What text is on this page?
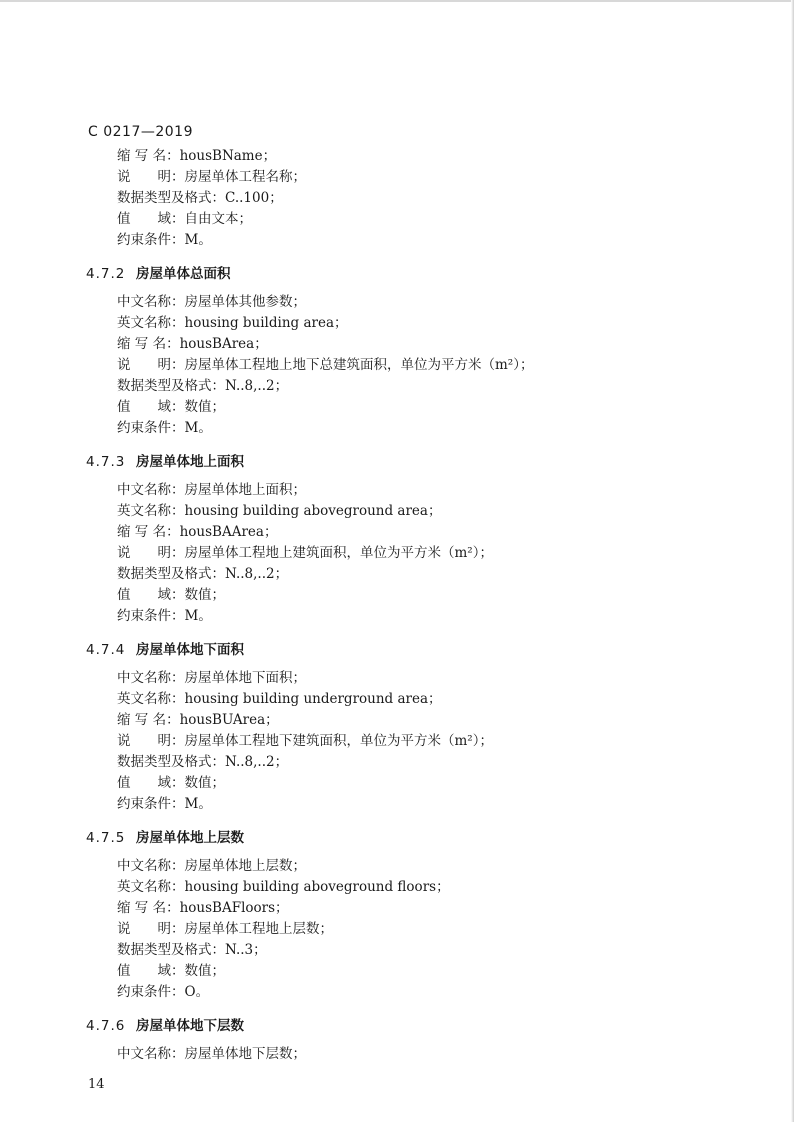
C 0217—2019
缩 写 名：housBName；
说　　明：房屋单体工程名称；
数据类型及格式：C..100；
值　　域：自由文本；
约束条件：M。
4.7.2 房屋单体总面积
中文名称：房屋单体其他参数；
英文名称：housing building area；
缩 写 名：housBArea；
说　　明：房屋单体工程地上地下总建筑面积，单位为平方米（m²）；
数据类型及格式：N..8,..2；
值　　域：数值；
约束条件：M。
4.7.3 房屋单体地上面积
中文名称：房屋单体地上面积；
英文名称：housing building aboveground area；
缩 写 名：housBAArea；
说　　明：房屋单体工程地上建筑面积，单位为平方米（m²）；
数据类型及格式：N..8,..2；
值　　域：数值；
约束条件：M。
4.7.4 房屋单体地下面积
中文名称：房屋单体地下面积；
英文名称：housing building underground area；
缩 写 名：housBUArea；
说　　明：房屋单体工程地下建筑面积，单位为平方米（m²）；
数据类型及格式：N..8,..2；
值　　域：数值；
约束条件：M。
4.7.5 房屋单体地上层数
中文名称：房屋单体地上层数；
英文名称：housing building aboveground floors；
缩 写 名：housBAFloors；
说　　明：房屋单体工程地上层数；
数据类型及格式：N..3；
值　　域：数值；
约束条件：O。
4.7.6 房屋单体地下层数
中文名称：房屋单体地下层数；
14
